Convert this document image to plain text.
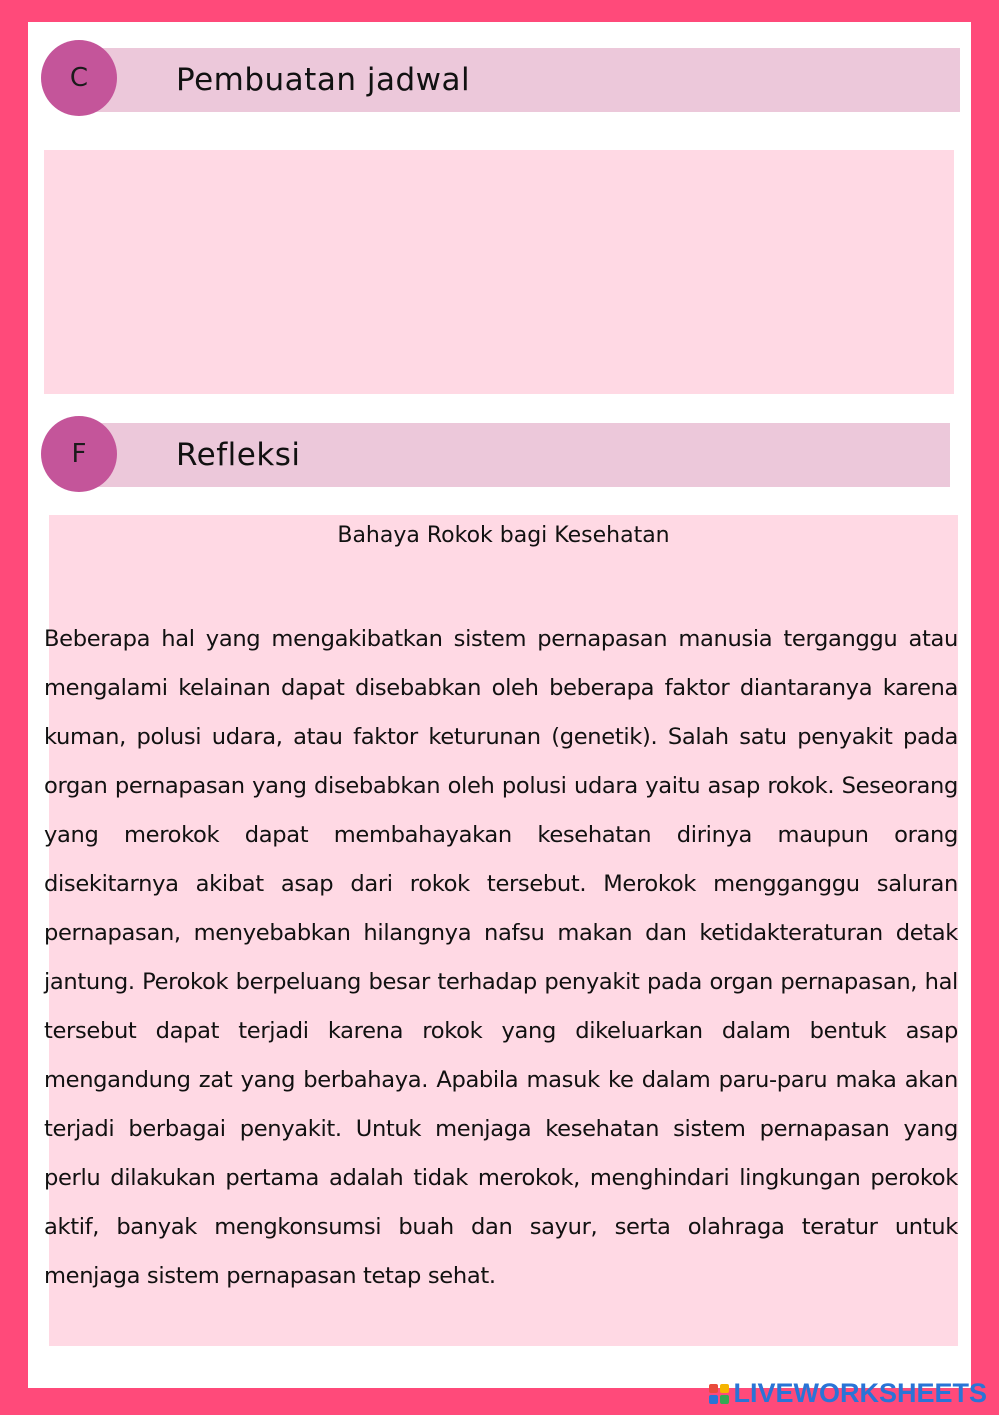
Pembuatan jadwal
C
Refleksi
F
Bahaya Rokok bagi Kesehatan

Beberapa hal yang mengakibatkan sistem pernapasan manusia terganggu atau mengalami kelainan dapat disebabkan oleh beberapa faktor diantaranya karena kuman, polusi udara, atau faktor keturunan (genetik). Salah satu penyakit pada organ pernapasan yang disebabkan oleh polusi udara yaitu asap rokok. Seseorang yang merokok dapat membahayakan kesehatan dirinya maupun orang disekitarnya akibat asap dari rokok tersebut. Merokok mengganggu saluran pernapasan, menyebabkan hilangnya nafsu makan dan ketidakteraturan detak jantung. Perokok berpeluang besar terhadap penyakit pada organ pernapasan, hal tersebut dapat terjadi karena rokok yang dikeluarkan dalam bentuk asap mengandung zat yang berbahaya. Apabila masuk ke dalam paru-paru maka akan terjadi berbagai penyakit. Untuk menjaga kesehatan sistem pernapasan yang perlu dilakukan pertama adalah tidak merokok, menghindari lingkungan perokok aktif, banyak mengkonsumsi buah dan sayur, serta olahraga teratur untuk menjaga sistem pernapasan tetap sehat.

LIVEWORKSHEETS
